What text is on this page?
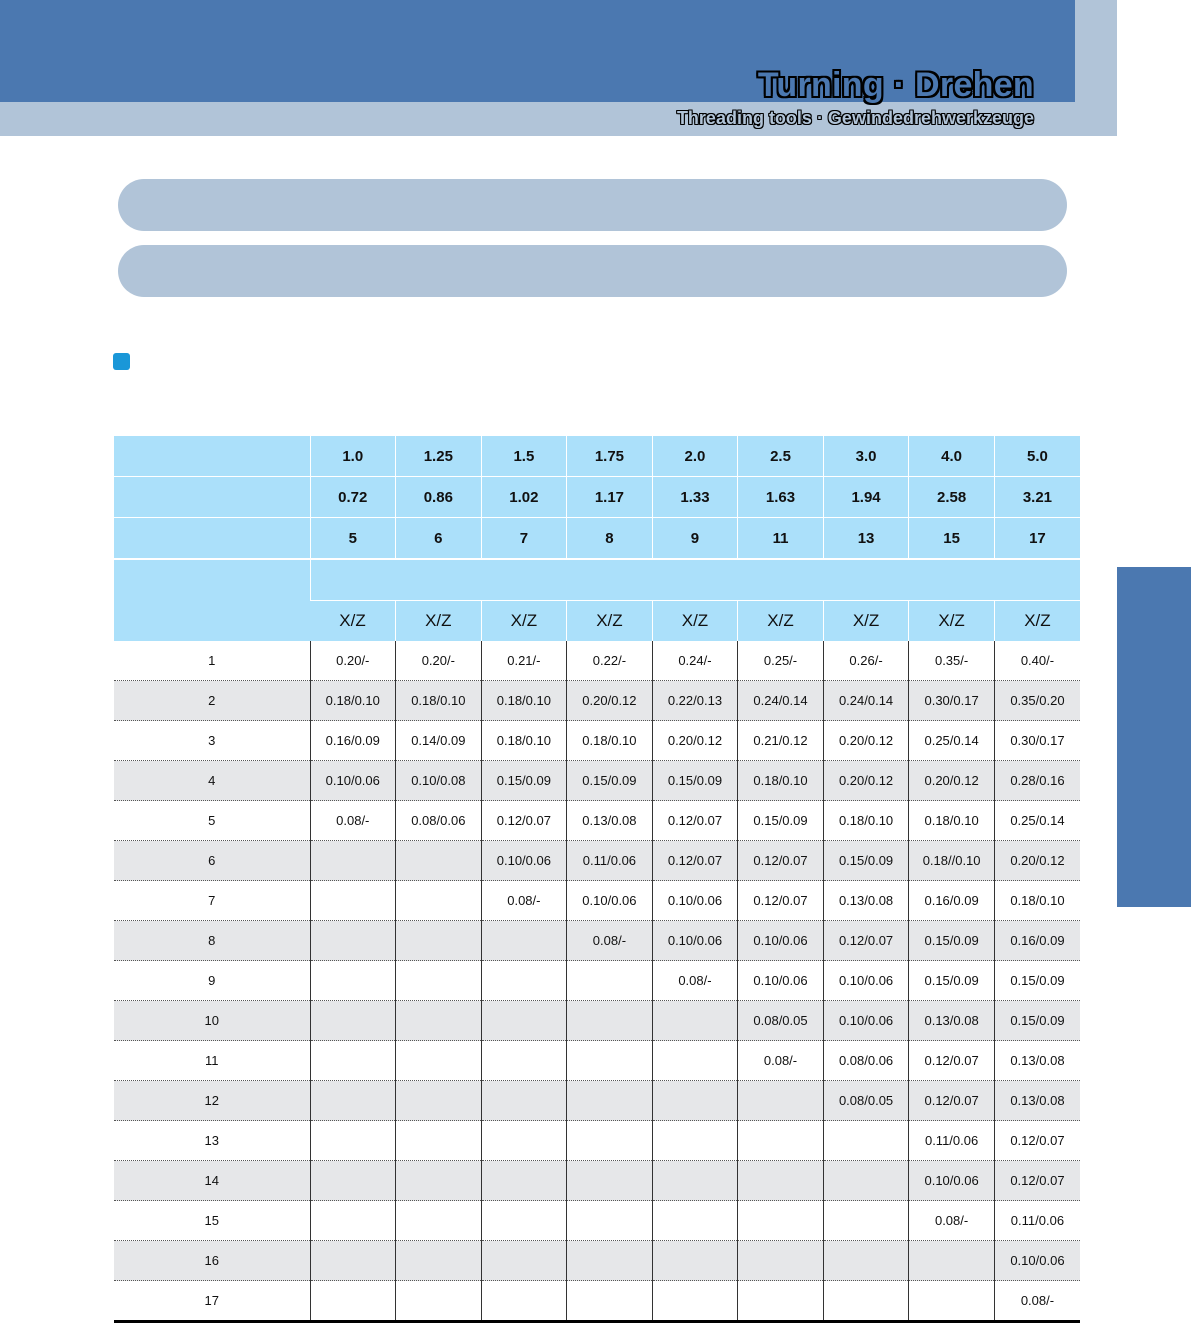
Turning · Drehen
Threading tools · Gewindedrehwerkzeuge
	1.0	1.25	1.5	1.75	2.0	2.5	3.0	4.0	5.0
	0.72	0.86	1.02	1.17	1.33	1.63	1.94	2.58	3.21
	5	6	7	8	9	11	13	15	17

	X/Z	X/Z	X/Z	X/Z	X/Z	X/Z	X/Z	X/Z	X/Z
1	0.20/-	0.20/-	0.21/-	0.22/-	0.24/-	0.25/-	0.26/-	0.35/-	0.40/-
2	0.18/0.10	0.18/0.10	0.18/0.10	0.20/0.12	0.22/0.13	0.24/0.14	0.24/0.14	0.30/0.17	0.35/0.20
3	0.16/0.09	0.14/0.09	0.18/0.10	0.18/0.10	0.20/0.12	0.21/0.12	0.20/0.12	0.25/0.14	0.30/0.17
4	0.10/0.06	0.10/0.08	0.15/0.09	0.15/0.09	0.15/0.09	0.18/0.10	0.20/0.12	0.20/0.12	0.28/0.16
5	0.08/-	0.08/0.06	0.12/0.07	0.13/0.08	0.12/0.07	0.15/0.09	0.18/0.10	0.18/0.10	0.25/0.14
6			0.10/0.06	0.11/0.06	0.12/0.07	0.12/0.07	0.15/0.09	0.18//0.10	0.20/0.12
7			0.08/-	0.10/0.06	0.10/0.06	0.12/0.07	0.13/0.08	0.16/0.09	0.18/0.10
8				0.08/-	0.10/0.06	0.10/0.06	0.12/0.07	0.15/0.09	0.16/0.09
9					0.08/-	0.10/0.06	0.10/0.06	0.15/0.09	0.15/0.09
10						0.08/0.05	0.10/0.06	0.13/0.08	0.15/0.09
11						0.08/-	0.08/0.06	0.12/0.07	0.13/0.08
12							0.08/0.05	0.12/0.07	0.13/0.08
13								0.11/0.06	0.12/0.07
14								0.10/0.06	0.12/0.07
15								0.08/-	0.11/0.06
16									0.10/0.06
17									0.08/-
